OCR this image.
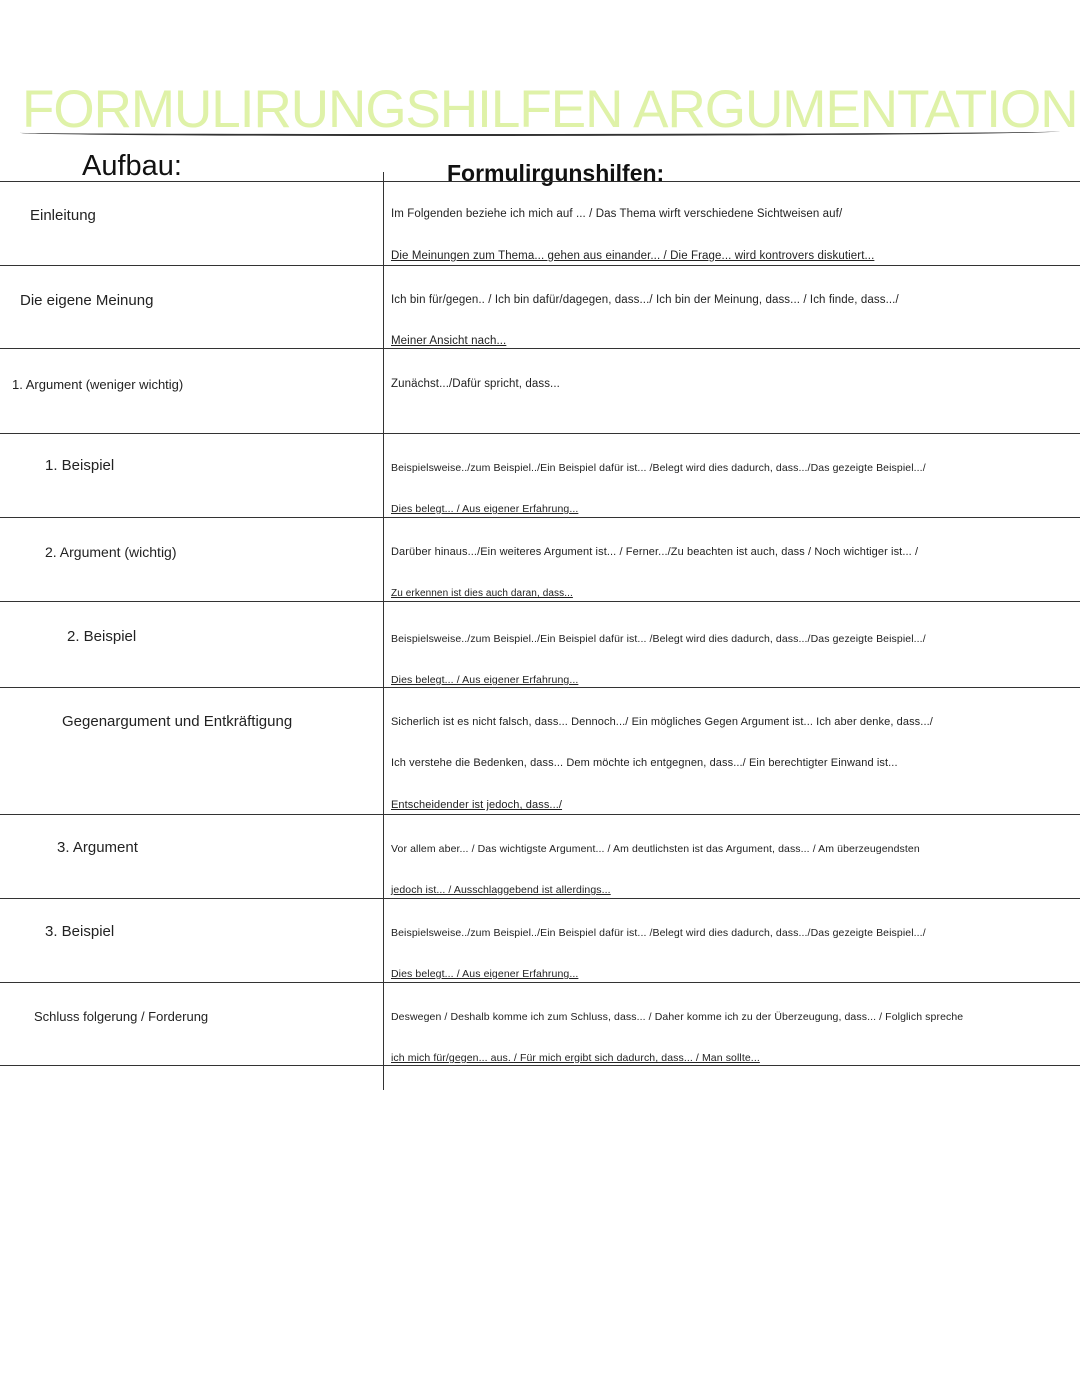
FORMULIRUNGSHILFEN ARGUMENTATION
Aufbau:	Formulirgunshilfen:
Einleitung	Im Folgenden beziehe ich mich auf ... / Das Thema wirft verschiedene Sichtweisen auf/
Die Meinungen zum Thema... gehen aus einander... / Die Frage... wird kontrovers diskutiert...
Die eigene Meinung	Ich bin für/gegen.. / Ich bin dafür/dagegen, dass.../ Ich bin der Meinung, dass... / Ich finde, dass.../
Meiner Ansicht nach...
1. Argument (weniger wichtig)	Zunächst.../Dafür spricht, dass...
1. Beispiel	Beispielsweise../zum Beispiel../Ein Beispiel dafür ist... /Belegt wird dies dadurch, dass.../Das gezeigte Beispiel.../
Dies belegt... / Aus eigener Erfahrung...
2. Argument (wichtig)	Darüber hinaus.../Ein weiteres Argument ist... / Ferner.../Zu beachten ist auch, dass / Noch wichtiger ist... /
Zu erkennen ist dies auch daran, dass...
2. Beispiel	Beispielsweise../zum Beispiel../Ein Beispiel dafür ist... /Belegt wird dies dadurch, dass.../Das gezeigte Beispiel.../
Dies belegt... / Aus eigener Erfahrung...
Gegenargument und Entkräftigung	Sicherlich ist es nicht falsch, dass... Dennoch.../ Ein mögliches Gegen Argument ist... Ich aber denke, dass.../
Ich verstehe die Bedenken, dass... Dem möchte ich entgegnen, dass.../ Ein berechtigter Einwand ist...
Entscheidender ist jedoch, dass.../
3. Argument	Vor allem aber... / Das wichtigste Argument... / Am deutlichsten ist das Argument, dass... / Am überzeugendsten
jedoch ist... / Ausschlaggebend ist allerdings...
3. Beispiel	Beispielsweise../zum Beispiel../Ein Beispiel dafür ist... /Belegt wird dies dadurch, dass.../Das gezeigte Beispiel.../
Dies belegt... / Aus eigener Erfahrung...
Schluss folgerung / Forderung	Deswegen / Deshalb komme ich zum Schluss, dass... / Daher komme ich zu der Überzeugung, dass... / Folglich spreche
ich mich für/gegen... aus. / Für mich ergibt sich dadurch, dass... / Man sollte...
